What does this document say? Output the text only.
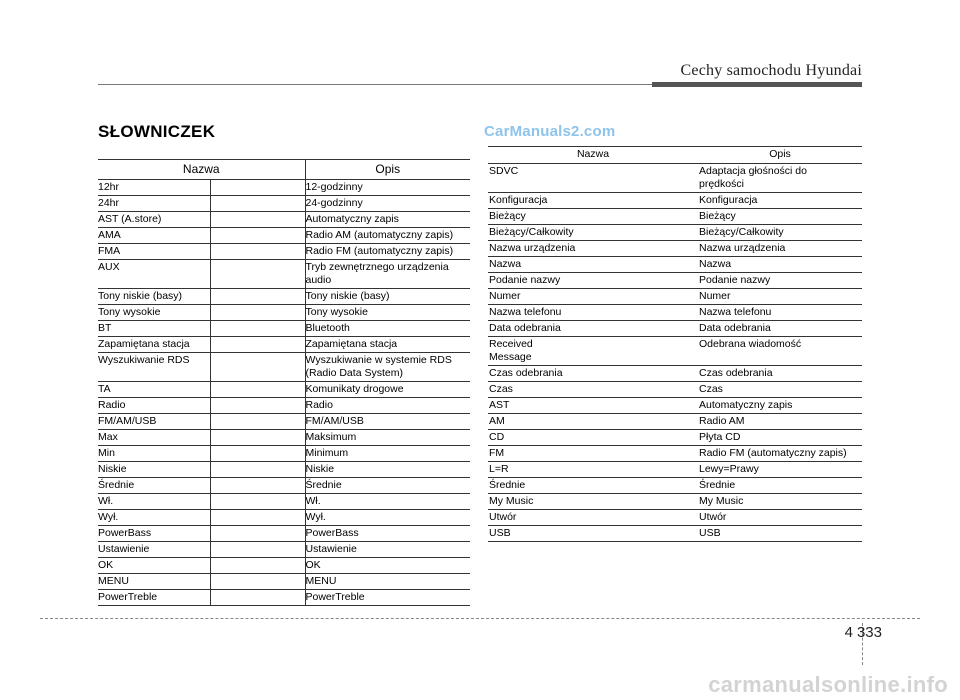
Cechy samochodu Hyundai
SŁOWNICZEK	CarManuals2.com
Nazwa		Opis
12hr		12-godzinny
24hr		24-godzinny
AST (A.store)		Automatyczny zapis
AMA		Radio AM (automatyczny zapis)
FMA		Radio FM (automatyczny zapis)
AUX		Tryb zewnętrznego urządzenia audio
Tony niskie (basy)		Tony niskie (basy)
Tony wysokie		Tony wysokie
BT		Bluetooth
Zapamiętana stacja		Zapamiętana stacja
Wyszukiwanie RDS		Wyszukiwanie w systemie RDS (Radio Data System)
TA		Komunikaty drogowe
Radio		Radio
FM/AM/USB		FM/AM/USB
Max		Maksimum
Min		Minimum
Niskie		Niskie
Średnie		Średnie
Wł.		Wł.
Wył.		Wył.
PowerBass		PowerBass
Ustawienie		Ustawienie
OK		OK
MENU		MENU
PowerTreble		PowerTreble
Nazwa	Opis
SDVC	Adaptacja głośności do prędkości
Konfiguracja	Konfiguracja
Bieżący	Bieżący
Bieżący/Całkowity	Bieżący/Całkowity
Nazwa urządzenia	Nazwa urządzenia
Nazwa	Nazwa
Podanie nazwy	Podanie nazwy
Numer	Numer
Nazwa telefonu	Nazwa telefonu
Data odebrania	Data odebrania
Received Message	Odebrana wiadomość
Czas odebrania	Czas odebrania
Czas	Czas
AST	Automatyczny zapis
AM	Radio AM
CD	Płyta CD
FM	Radio FM (automatyczny zapis)
L=R	Lewy=Prawy
Średnie	Średnie
My Music	My Music
Utwór	Utwór
USB	USB
4 333
carmanualsonline.info
